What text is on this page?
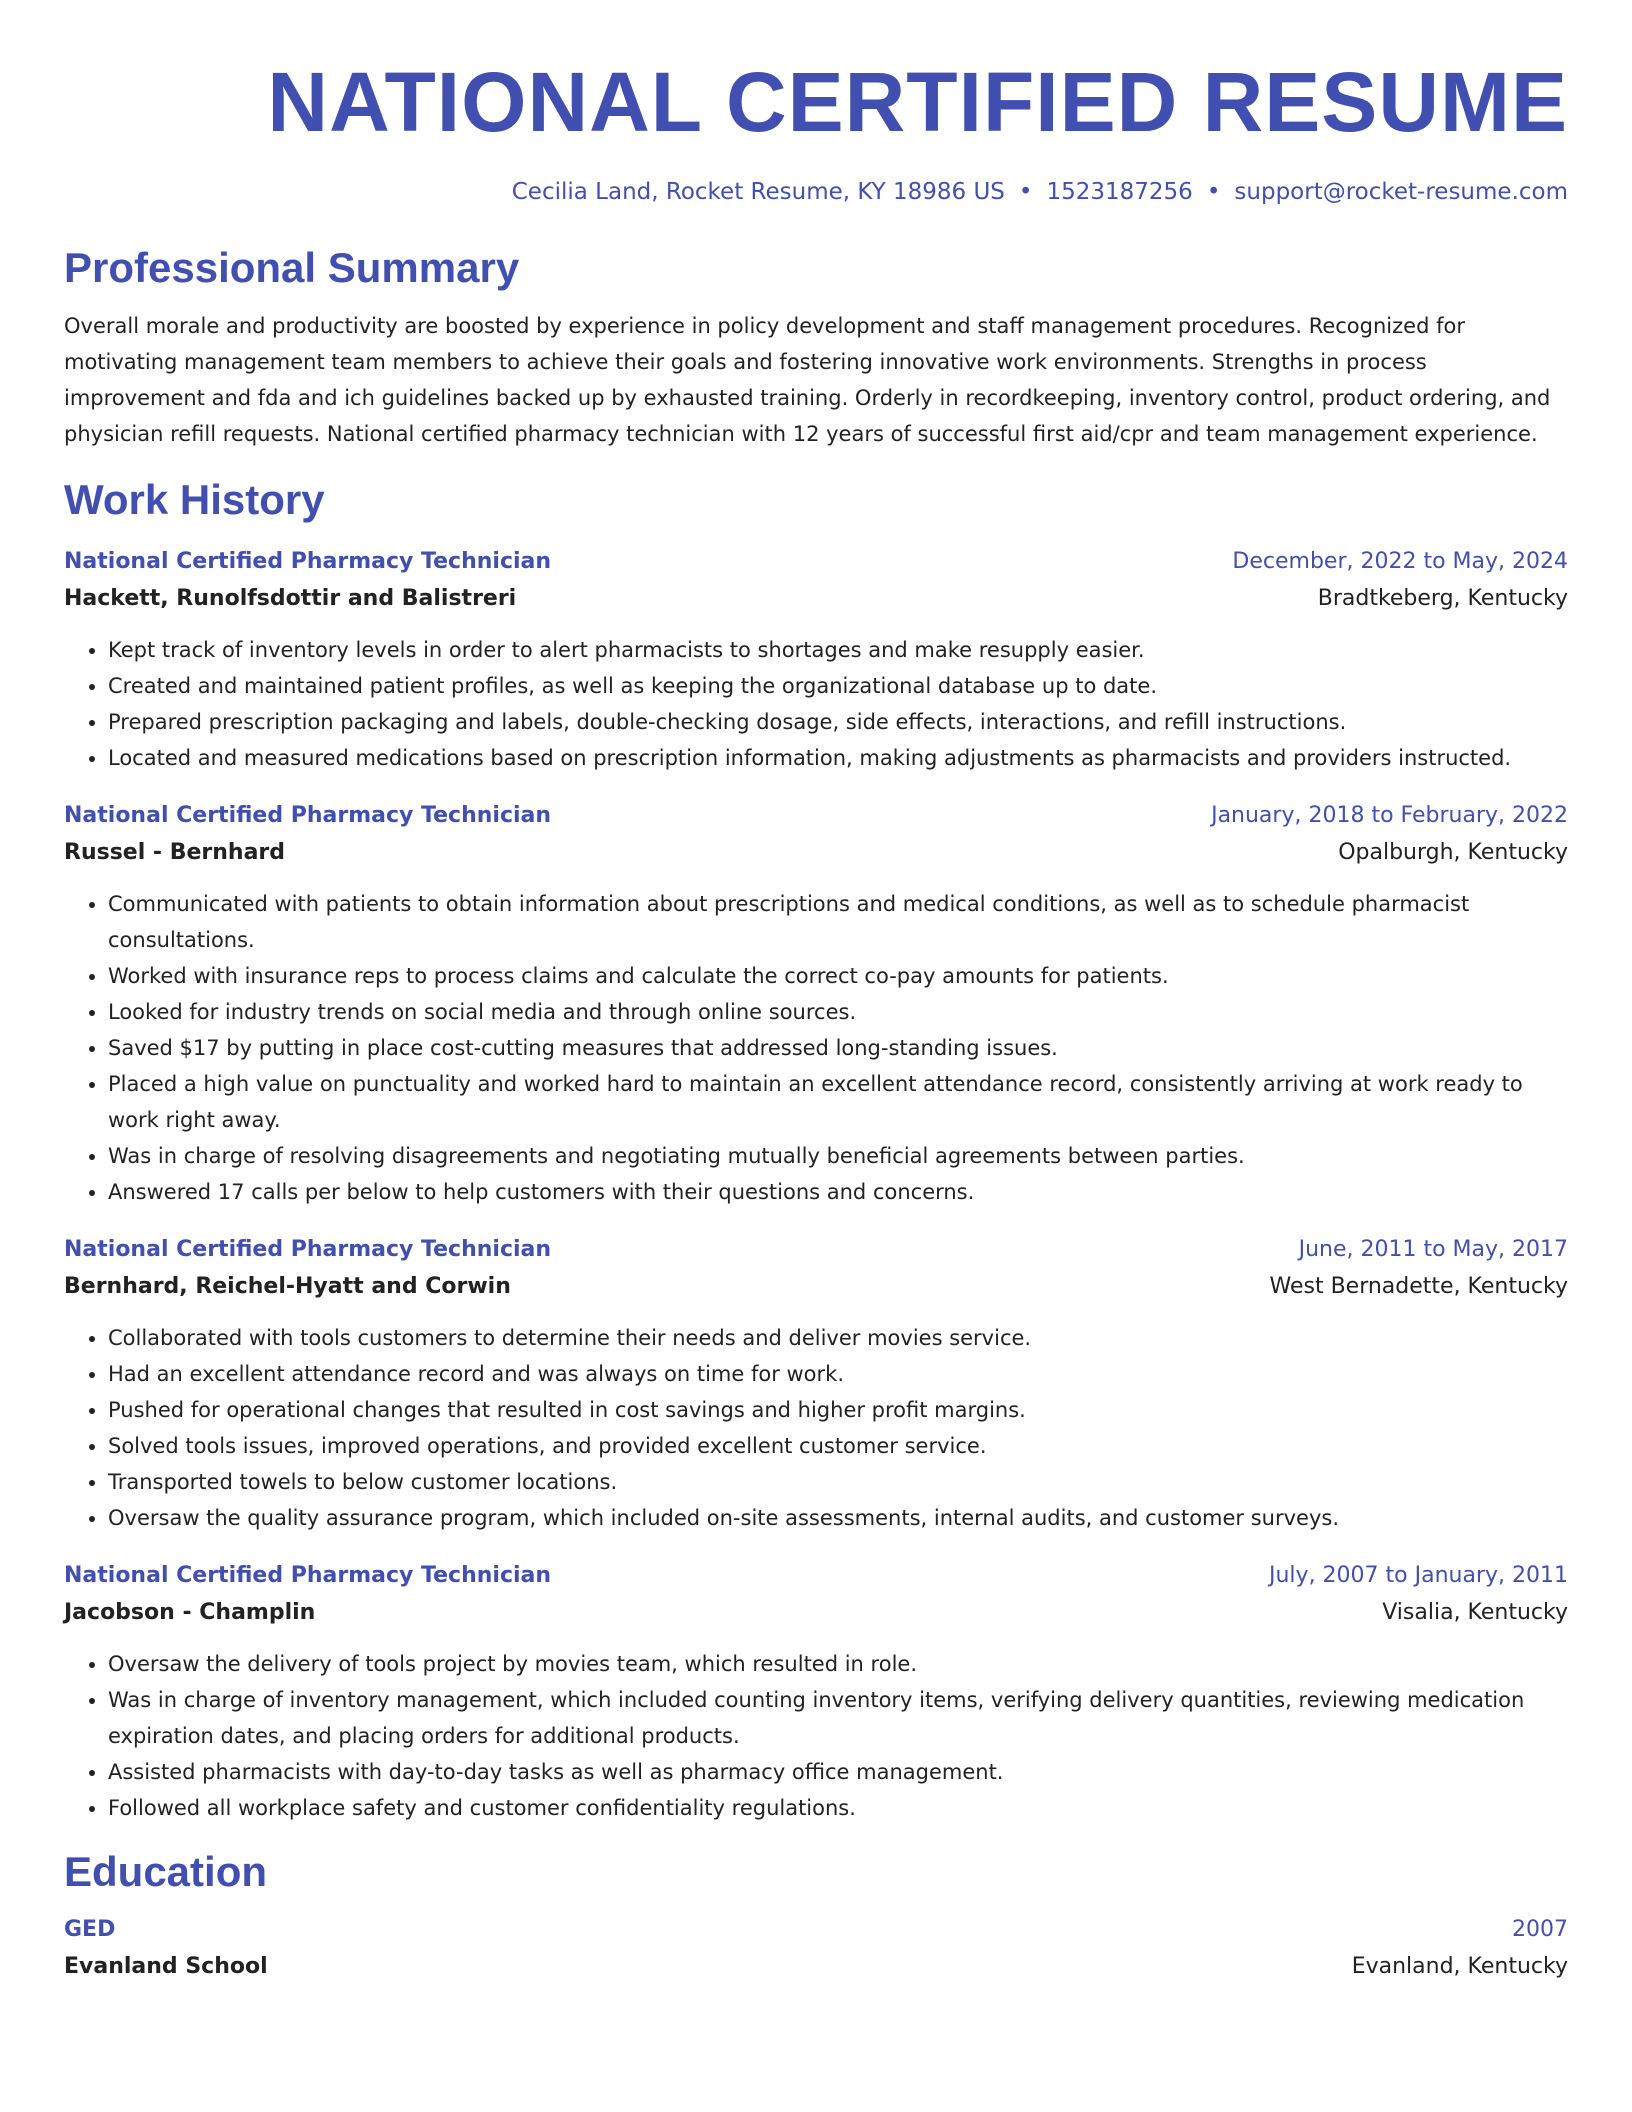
NATIONAL CERTIFIED RESUME
Cecilia Land, Rocket Resume, KY 18986 US • 1523187256 • support@rocket-resume.com
Professional Summary

Overall morale and productivity are boosted by experience in policy development and staff management procedures. Recognized for motivating management team members to achieve their goals and fostering innovative work environments. Strengths in process improvement and fda and ich guidelines backed up by exhausted training. Orderly in recordkeeping, inventory control, product ordering, and physician refill requests. National certified pharmacy technician with 12 years of successful first aid/cpr and team management experience.

Work History
National Certified Pharmacy Technician	December, 2022 to May, 2024
Hackett, Runolfsdottir and Balistreri	Bradtkeberg, Kentucky
• Kept track of inventory levels in order to alert pharmacists to shortages and make resupply easier.
• Created and maintained patient profiles, as well as keeping the organizational database up to date.
• Prepared prescription packaging and labels, double-checking dosage, side effects, interactions, and refill instructions.
• Located and measured medications based on prescription information, making adjustments as pharmacists and providers instructed.
National Certified Pharmacy Technician	January, 2018 to February, 2022
Russel - Bernhard	Opalburgh, Kentucky
• Communicated with patients to obtain information about prescriptions and medical conditions, as well as to schedule pharmacist consultations.
• Worked with insurance reps to process claims and calculate the correct co-pay amounts for patients.
• Looked for industry trends on social media and through online sources.
• Saved $17 by putting in place cost-cutting measures that addressed long-standing issues.
• Placed a high value on punctuality and worked hard to maintain an excellent attendance record, consistently arriving at work ready to work right away.
• Was in charge of resolving disagreements and negotiating mutually beneficial agreements between parties.
• Answered 17 calls per below to help customers with their questions and concerns.
National Certified Pharmacy Technician	June, 2011 to May, 2017
Bernhard, Reichel-Hyatt and Corwin	West Bernadette, Kentucky
• Collaborated with tools customers to determine their needs and deliver movies service.
• Had an excellent attendance record and was always on time for work.
• Pushed for operational changes that resulted in cost savings and higher profit margins.
• Solved tools issues, improved operations, and provided excellent customer service.
• Transported towels to below customer locations.
• Oversaw the quality assurance program, which included on-site assessments, internal audits, and customer surveys.
National Certified Pharmacy Technician	July, 2007 to January, 2011
Jacobson - Champlin	Visalia, Kentucky
• Oversaw the delivery of tools project by movies team, which resulted in role.
• Was in charge of inventory management, which included counting inventory items, verifying delivery quantities, reviewing medication expiration dates, and placing orders for additional products.
• Assisted pharmacists with day-to-day tasks as well as pharmacy office management.
• Followed all workplace safety and customer confidentiality regulations.
Education
GED	2007
Evanland School	Evanland, Kentucky
